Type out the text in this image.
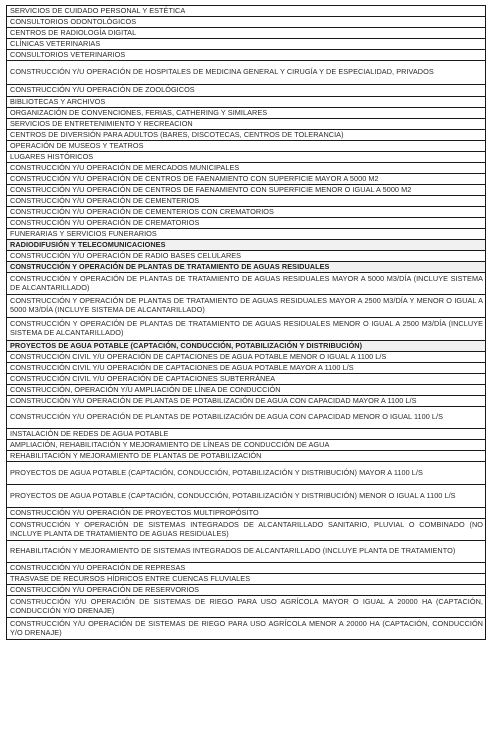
SERVICIOS DE CUIDADO PERSONAL Y ESTÉTICA
CONSULTORIOS ODONTOLÓGICOS
CENTROS DE RADIOLOGÍA DIGITAL
CLÍNICAS VETERINARIAS
CONSULTORIOS VETERINARIOS
CONSTRUCCIÓN Y/U OPERACIÓN DE HOSPITALES DE MEDICINA GENERAL Y CIRUGÍA Y DE ESPECIALIDAD, PRIVADOS
CONSTRUCCIÓN Y/U OPERACIÓN DE ZOOLÓGICOS
BIBLIOTECAS Y ARCHIVOS
ORGANIZACIÓN DE CONVENCIONES, FERIAS, CATHERING Y SIMILARES
SERVICIOS DE ENTRETENIMIENTO Y RECREACION
CENTROS DE DIVERSIÓN PARA ADULTOS (BARES, DISCOTECAS, CENTROS DE TOLERANCIA)
OPERACIÓN DE MUSEOS Y TEATROS
LUGARES HISTÓRICOS
CONSTRUCCIÓN Y/U OPERACIÓN DE MERCADOS MUNICIPALES
CONSTRUCCIÓN Y/U OPERACIÓN DE CENTROS DE FAENAMIENTO CON SUPERFICIE MAYOR A 5000 M2
CONSTRUCCIÓN Y/U OPERACIÓN DE CENTROS DE FAENAMIENTO CON SUPERFICIE MENOR O IGUAL A 5000 M2
CONSTRUCCIÓN Y/U OPERACIÓN DE CEMENTERIOS
CONSTRUCCIÓN Y/U OPERACIÓN DE CEMENTERIOS CON CREMATORIOS
CONSTRUCCIÓN Y/U OPERACIÓN DE CREMATORIOS
FUNERARIAS Y SERVICIOS FUNERARIOS
RADIODIFUSIÓN Y TELECOMUNICACIONES
CONSTRUCCIÓN Y/U OPERACIÓN DE RADIO BASES CELULARES
CONSTRUCCIÓN Y OPERACIÓN DE PLANTAS DE TRATAMIENTO DE AGUAS RESIDUALES
CONSTRUCCIÓN Y OPERACIÓN DE PLANTAS DE TRATAMIENTO DE AGUAS RESIDUALES MAYOR A 5000 M3/DÍA (INCLUYE SISTEMA DE ALCANTARILLADO)
CONSTRUCCIÓN Y OPERACIÓN DE PLANTAS DE TRATAMIENTO DE AGUAS RESIDUALES MAYOR A 2500 M3/DÍA Y MENOR O IGUAL A 5000 M3/DÍA (INCLUYE SISTEMA DE ALCANTARILLADO)
CONSTRUCCIÓN Y OPERACIÓN DE PLANTAS DE TRATAMIENTO DE AGUAS RESIDUALES MENOR O IGUAL A 2500 M3/DÍA (INCLUYE SISTEMA DE ALCANTARILLADO)
PROYECTOS DE AGUA POTABLE (CAPTACIÓN, CONDUCCIÓN, POTABILIZACIÓN Y DISTRIBUCIÓN)
CONSTRUCCIÓN CIVIL Y/U OPERACIÓN DE CAPTACIONES DE AGUA POTABLE MENOR O IGUAL A 1100 L/S
CONSTRUCCIÓN CIVIL Y/U OPERACIÓN DE CAPTACIONES DE AGUA POTABLE MAYOR A 1100 L/S
CONSTRUCCIÓN CIVIL Y/U OPERACIÓN DE CAPTACIONES SUBTERRÁNEA
CONSTRUCCIÓN, OPERACIÓN Y/U AMPLIACIÓN DE LÍNEA DE CONDUCCIÓN
CONSTRUCCIÓN Y/U OPERACIÓN DE PLANTAS DE POTABILIZACIÓN DE AGUA CON CAPACIDAD MAYOR A 1100 L/S
CONSTRUCCIÓN Y/U OPERACIÓN DE PLANTAS DE POTABILIZACIÓN DE AGUA CON CAPACIDAD MENOR O IGUAL 1100 L/S
INSTALACIÓN DE REDES DE AGUA POTABLE
AMPLIACIÓN, REHABILITACIÓN Y MEJORAMIENTO DE LÍNEAS DE CONDUCCIÓN DE AGUA
REHABILITACIÓN Y MEJORAMIENTO DE PLANTAS DE POTABILIZACIÓN
PROYECTOS DE AGUA POTABLE (CAPTACIÓN, CONDUCCIÓN, POTABILIZACIÓN Y DISTRIBUCIÓN) MAYOR A 1100 L/S
PROYECTOS DE AGUA POTABLE (CAPTACIÓN, CONDUCCIÓN, POTABILIZACIÓN Y DISTRIBUCIÓN) MENOR O IGUAL A 1100 L/S
CONSTRUCCIÓN Y/U OPERACIÓN DE PROYECTOS MULTIPROPÓSITO
CONSTRUCCIÓN Y OPERACIÓN DE SISTEMAS INTEGRADOS DE ALCANTARILLADO SANITARIO, PLUVIAL O COMBINADO (NO INCLUYE PLANTA DE TRATAMIENTO DE AGUAS RESIDUALES)
REHABILITACIÓN Y MEJORAMIENTO DE SISTEMAS INTEGRADOS DE ALCANTARILLADO (INCLUYE PLANTA DE TRATAMIENTO)
CONSTRUCCIÓN Y/U OPERACIÓN DE REPRESAS
TRASVASE DE RECURSOS HÍDRICOS ENTRE CUENCAS FLUVIALES
CONSTRUCCIÓN Y/U OPERACIÓN DE RESERVORIOS
CONSTRUCCIÓN Y/U OPERACIÓN DE SISTEMAS DE RIEGO PARA USO AGRÍCOLA MAYOR O IGUAL A 20000 HA (CAPTACIÓN, CONDUCCIÓN Y/O DRENAJE)
CONSTRUCCIÓN Y/U OPERACIÓN DE SISTEMAS DE RIEGO PARA USO AGRÍCOLA MENOR A 20000 HA (CAPTACIÓN, CONDUCCIÓN Y/O DRENAJE)
